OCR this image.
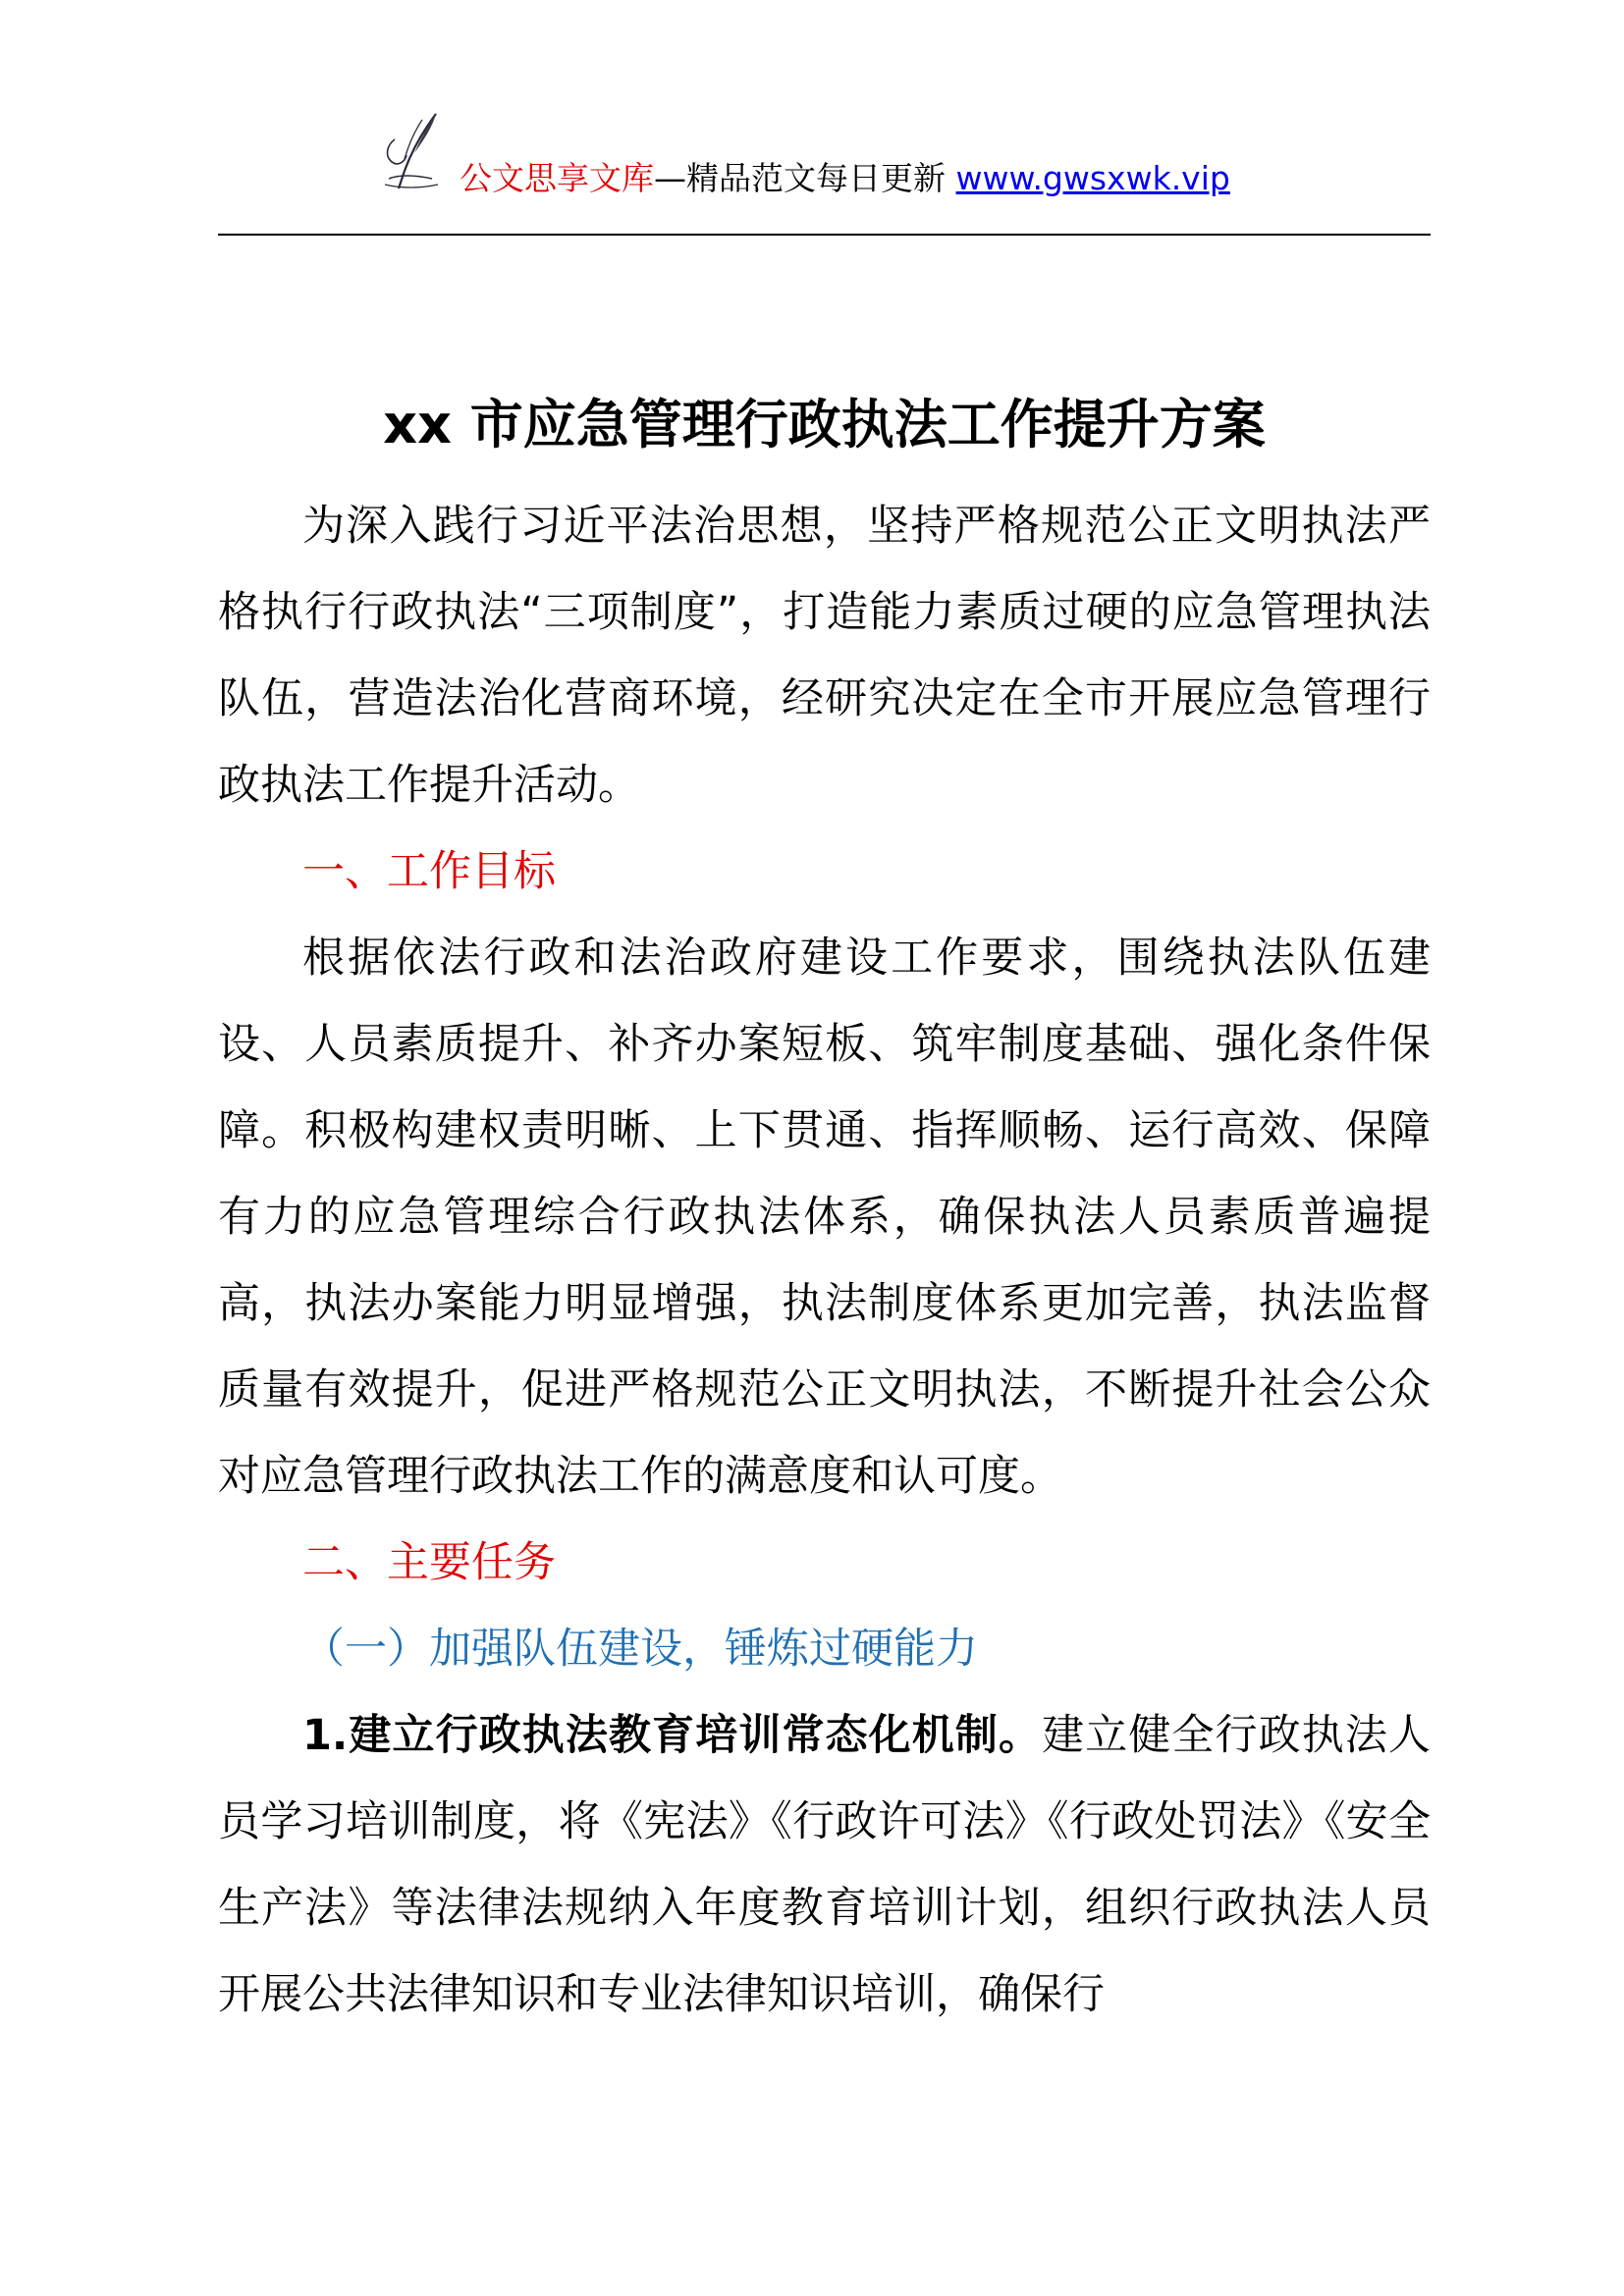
公文思享文库—精品范文每日更新 www.gwsxwk.vip
xx 市应急管理行政执法工作提升方案

为深入践行习近平法治思想，坚持严格规范公正文明执法严格执行行政执法“三项制度”，打造能力素质过硬的应急管理执法队伍，营造法治化营商环境，经研究决定在全市开展应急管理行政执法工作提升活动。

一、工作目标

根据依法行政和法治政府建设工作要求，围绕执法队伍建设、人员素质提升、补齐办案短板、筑牢制度基础、强化条件保障。积极构建权责明晰、上下贯通、指挥顺畅、运行高效、保障有力的应急管理综合行政执法体系，确保执法人员素质普遍提高，执法办案能力明显增强，执法制度体系更加完善，执法监督质量有效提升，促进严格规范公正文明执法，不断提升社会公众对应急管理行政执法工作的满意度和认可度。

二、主要任务

（一）加强队伍建设，锤炼过硬能力

1.建立行政执法教育培训常态化机制。建立健全行政执法人员学习培训制度，将《宪法》《行政许可法》《行政处罚法》《安全生产法》等法律法规纳入年度教育培训计划，组织行政执法人员开展公共法律知识和专业法律知识培训，确保行
